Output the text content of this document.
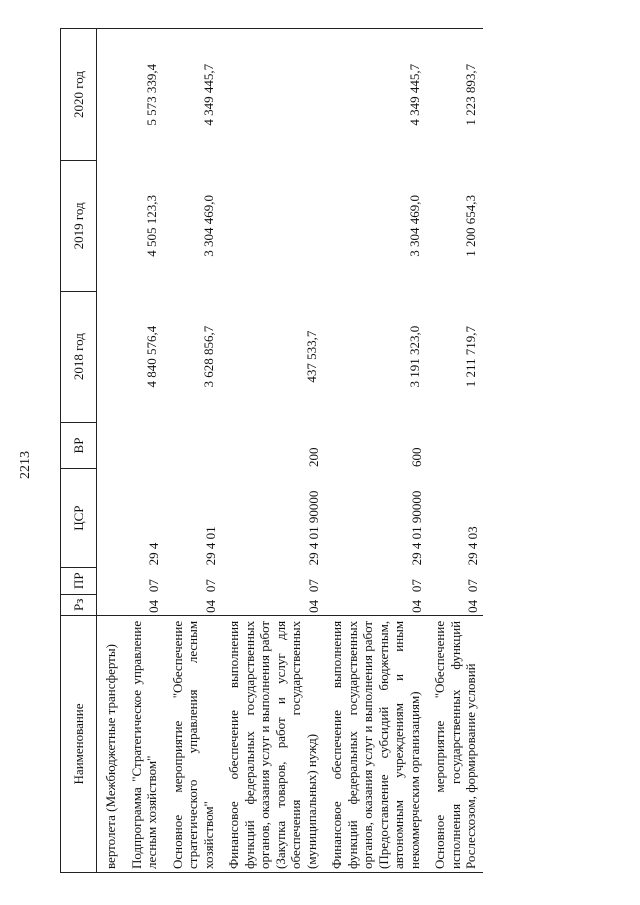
2213
Наименование	Рз	ПР	ЦСР	ВР	2018 год	2019 год	2020 год
вертолета (Межбюджетные трансферты)							
Подпрограмма "Стратегическое управление лесным хозяйством"	04	07	29 4		4 840 576,4	4 505 123,3	5 573 339,4
Основное мероприятие "Обеспечение стратегического управления лесным хозяйством"	04	07	29 4 01		3 628 856,7	3 304 469,0	4 349 445,7
Финансовое обеспечение выполнения функций федеральных государственных органов, оказания услуг и выполнения работ (Закупка товаров, работ и услуг для обеспечения государственных (муниципальных) нужд)	04	07	29 4 01 90000	200	437 533,7		
Финансовое обеспечение выполнения функций федеральных государственных органов, оказания услуг и выполнения работ (Предоставление субсидий бюджетным, автономным учреждениям и иным некоммерческим организациям)	04	07	29 4 01 90000	600	3 191 323,0	3 304 469,0	4 349 445,7
Основное мероприятие "Обеспечение исполнения государственных функций Рослесхозом, формирование условий	04	07	29 4 03		1 211 719,7	1 200 654,3	1 223 893,7
